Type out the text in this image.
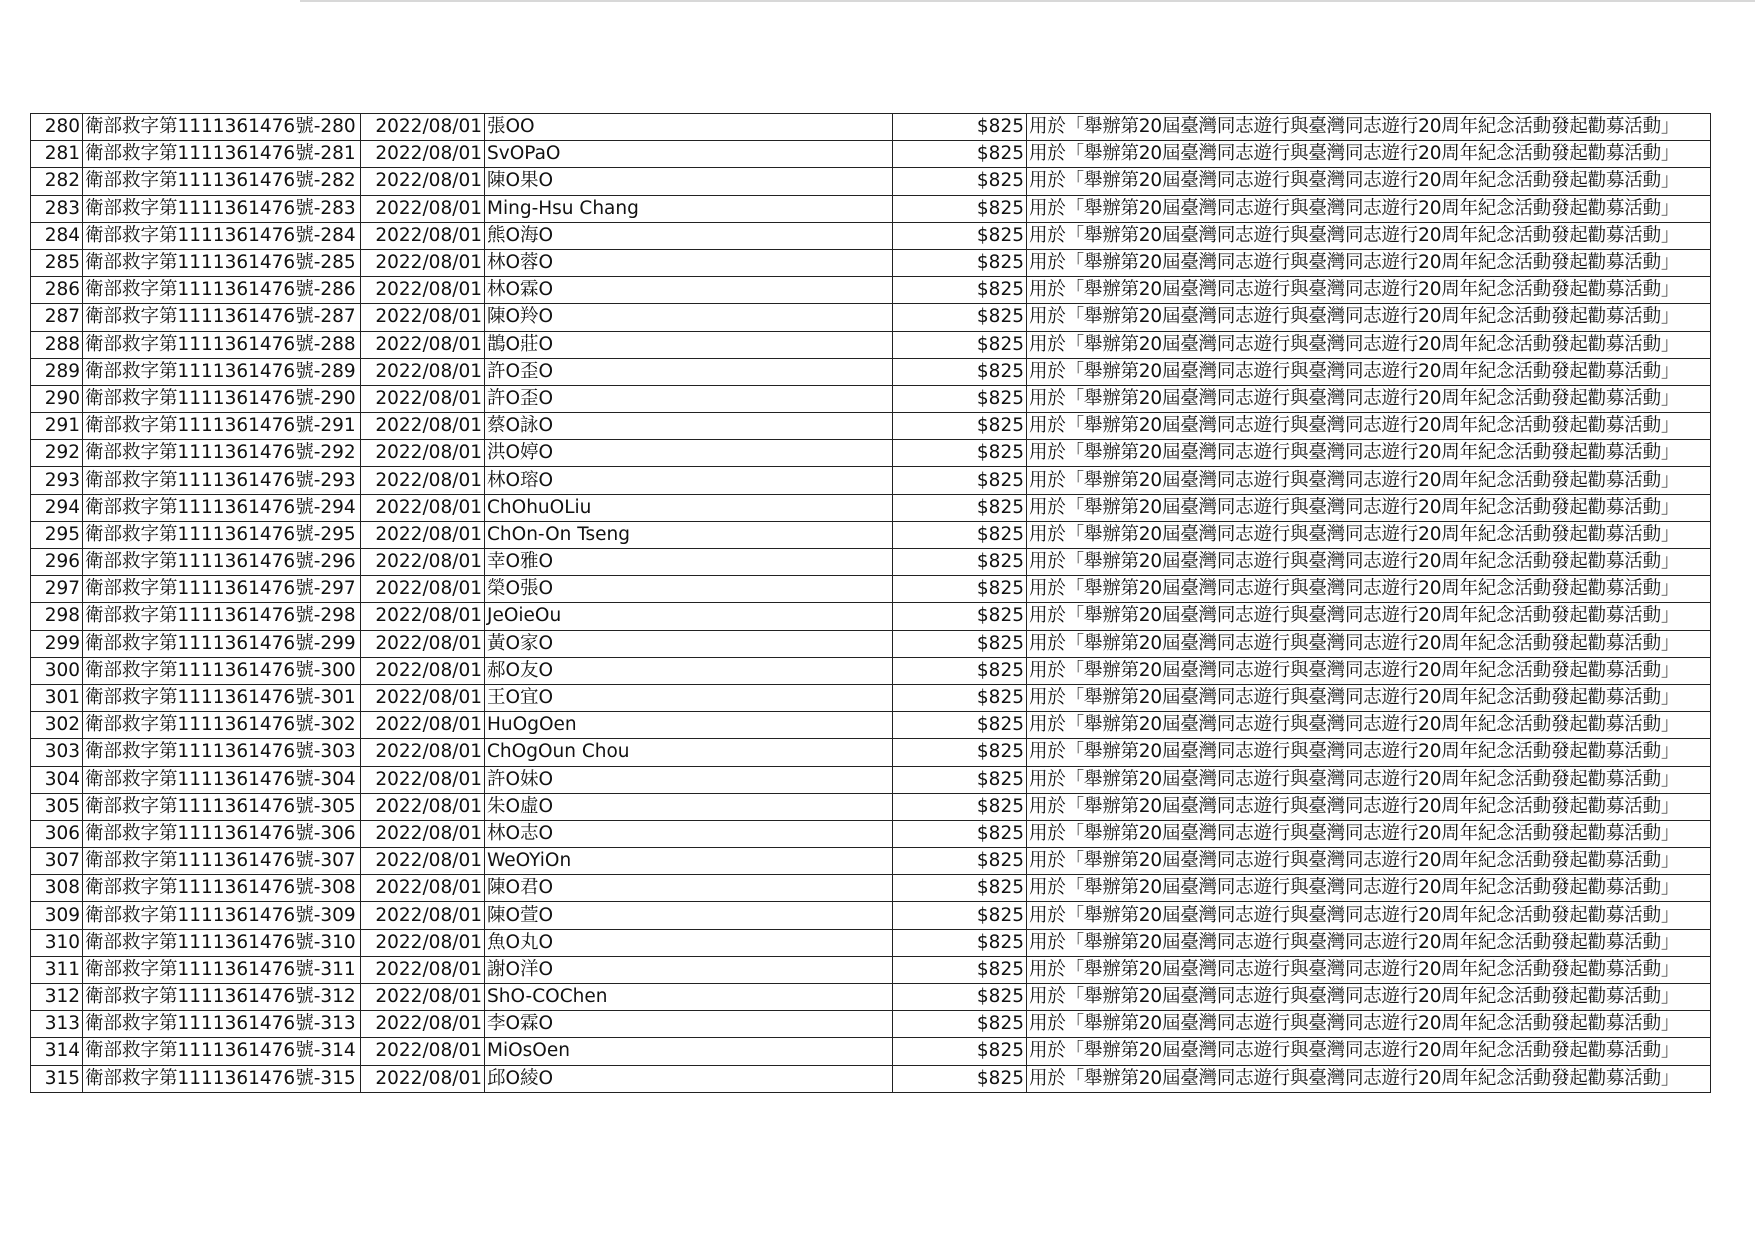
280	衛部救字第1111361476號-280	2022/08/01	張OO	$825	用於「舉辦第20屆臺灣同志遊行與臺灣同志遊行20周年紀念活動發起勸募活動」
281	衛部救字第1111361476號-281	2022/08/01	SvOPaO	$825	用於「舉辦第20屆臺灣同志遊行與臺灣同志遊行20周年紀念活動發起勸募活動」
282	衛部救字第1111361476號-282	2022/08/01	陳O果O	$825	用於「舉辦第20屆臺灣同志遊行與臺灣同志遊行20周年紀念活動發起勸募活動」
283	衛部救字第1111361476號-283	2022/08/01	Ming-Hsu Chang	$825	用於「舉辦第20屆臺灣同志遊行與臺灣同志遊行20周年紀念活動發起勸募活動」
284	衛部救字第1111361476號-284	2022/08/01	熊O海O	$825	用於「舉辦第20屆臺灣同志遊行與臺灣同志遊行20周年紀念活動發起勸募活動」
285	衛部救字第1111361476號-285	2022/08/01	林O蓉O	$825	用於「舉辦第20屆臺灣同志遊行與臺灣同志遊行20周年紀念活動發起勸募活動」
286	衛部救字第1111361476號-286	2022/08/01	林O霖O	$825	用於「舉辦第20屆臺灣同志遊行與臺灣同志遊行20周年紀念活動發起勸募活動」
287	衛部救字第1111361476號-287	2022/08/01	陳O羚O	$825	用於「舉辦第20屆臺灣同志遊行與臺灣同志遊行20周年紀念活動發起勸募活動」
288	衛部救字第1111361476號-288	2022/08/01	鵲O莊O	$825	用於「舉辦第20屆臺灣同志遊行與臺灣同志遊行20周年紀念活動發起勸募活動」
289	衛部救字第1111361476號-289	2022/08/01	許O歪O	$825	用於「舉辦第20屆臺灣同志遊行與臺灣同志遊行20周年紀念活動發起勸募活動」
290	衛部救字第1111361476號-290	2022/08/01	許O歪O	$825	用於「舉辦第20屆臺灣同志遊行與臺灣同志遊行20周年紀念活動發起勸募活動」
291	衛部救字第1111361476號-291	2022/08/01	蔡O詠O	$825	用於「舉辦第20屆臺灣同志遊行與臺灣同志遊行20周年紀念活動發起勸募活動」
292	衛部救字第1111361476號-292	2022/08/01	洪O婷O	$825	用於「舉辦第20屆臺灣同志遊行與臺灣同志遊行20周年紀念活動發起勸募活動」
293	衛部救字第1111361476號-293	2022/08/01	林O瑢O	$825	用於「舉辦第20屆臺灣同志遊行與臺灣同志遊行20周年紀念活動發起勸募活動」
294	衛部救字第1111361476號-294	2022/08/01	ChOhuOLiu	$825	用於「舉辦第20屆臺灣同志遊行與臺灣同志遊行20周年紀念活動發起勸募活動」
295	衛部救字第1111361476號-295	2022/08/01	ChOn-On Tseng	$825	用於「舉辦第20屆臺灣同志遊行與臺灣同志遊行20周年紀念活動發起勸募活動」
296	衛部救字第1111361476號-296	2022/08/01	幸O雅O	$825	用於「舉辦第20屆臺灣同志遊行與臺灣同志遊行20周年紀念活動發起勸募活動」
297	衛部救字第1111361476號-297	2022/08/01	榮O張O	$825	用於「舉辦第20屆臺灣同志遊行與臺灣同志遊行20周年紀念活動發起勸募活動」
298	衛部救字第1111361476號-298	2022/08/01	JeOieOu	$825	用於「舉辦第20屆臺灣同志遊行與臺灣同志遊行20周年紀念活動發起勸募活動」
299	衛部救字第1111361476號-299	2022/08/01	黃O家O	$825	用於「舉辦第20屆臺灣同志遊行與臺灣同志遊行20周年紀念活動發起勸募活動」
300	衛部救字第1111361476號-300	2022/08/01	郝O友O	$825	用於「舉辦第20屆臺灣同志遊行與臺灣同志遊行20周年紀念活動發起勸募活動」
301	衛部救字第1111361476號-301	2022/08/01	王O宜O	$825	用於「舉辦第20屆臺灣同志遊行與臺灣同志遊行20周年紀念活動發起勸募活動」
302	衛部救字第1111361476號-302	2022/08/01	HuOgOen	$825	用於「舉辦第20屆臺灣同志遊行與臺灣同志遊行20周年紀念活動發起勸募活動」
303	衛部救字第1111361476號-303	2022/08/01	ChOgOun Chou	$825	用於「舉辦第20屆臺灣同志遊行與臺灣同志遊行20周年紀念活動發起勸募活動」
304	衛部救字第1111361476號-304	2022/08/01	許O妹O	$825	用於「舉辦第20屆臺灣同志遊行與臺灣同志遊行20周年紀念活動發起勸募活動」
305	衛部救字第1111361476號-305	2022/08/01	朱O虛O	$825	用於「舉辦第20屆臺灣同志遊行與臺灣同志遊行20周年紀念活動發起勸募活動」
306	衛部救字第1111361476號-306	2022/08/01	林O志O	$825	用於「舉辦第20屆臺灣同志遊行與臺灣同志遊行20周年紀念活動發起勸募活動」
307	衛部救字第1111361476號-307	2022/08/01	WeOYiOn	$825	用於「舉辦第20屆臺灣同志遊行與臺灣同志遊行20周年紀念活動發起勸募活動」
308	衛部救字第1111361476號-308	2022/08/01	陳O君O	$825	用於「舉辦第20屆臺灣同志遊行與臺灣同志遊行20周年紀念活動發起勸募活動」
309	衛部救字第1111361476號-309	2022/08/01	陳O萱O	$825	用於「舉辦第20屆臺灣同志遊行與臺灣同志遊行20周年紀念活動發起勸募活動」
310	衛部救字第1111361476號-310	2022/08/01	魚O丸O	$825	用於「舉辦第20屆臺灣同志遊行與臺灣同志遊行20周年紀念活動發起勸募活動」
311	衛部救字第1111361476號-311	2022/08/01	謝O洋O	$825	用於「舉辦第20屆臺灣同志遊行與臺灣同志遊行20周年紀念活動發起勸募活動」
312	衛部救字第1111361476號-312	2022/08/01	ShO-COChen	$825	用於「舉辦第20屆臺灣同志遊行與臺灣同志遊行20周年紀念活動發起勸募活動」
313	衛部救字第1111361476號-313	2022/08/01	李O霖O	$825	用於「舉辦第20屆臺灣同志遊行與臺灣同志遊行20周年紀念活動發起勸募活動」
314	衛部救字第1111361476號-314	2022/08/01	MiOsOen	$825	用於「舉辦第20屆臺灣同志遊行與臺灣同志遊行20周年紀念活動發起勸募活動」
315	衛部救字第1111361476號-315	2022/08/01	邱O綾O	$825	用於「舉辦第20屆臺灣同志遊行與臺灣同志遊行20周年紀念活動發起勸募活動」
